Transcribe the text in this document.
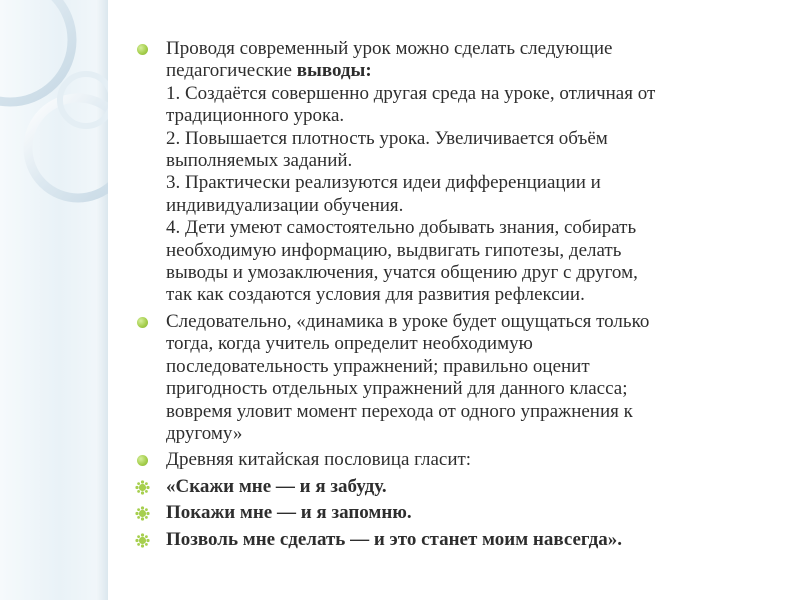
Проводя современный урок можно сделать следующие
педагогические выводы:
1. Создаётся совершенно другая среда на уроке, отличная от
традиционного урока.
2. Повышается плотность урока. Увеличивается объём
выполняемых заданий.
3. Практически реализуются идеи дифференциации и
индивидуализации обучения.
4. Дети умеют самостоятельно добывать знания, собирать
необходимую информацию, выдвигать гипотезы, делать
выводы и умозаключения, учатся общению друг с другом,
так как создаются условия для развития рефлексии.
Следовательно, «динамика в уроке будет ощущаться только
тогда, когда учитель определит необходимую
последовательность упражнений; правильно оценит
пригодность отдельных упражнений для данного класса;
вовремя уловит момент перехода от одного упражнения к
другому»
Древняя китайская пословица гласит:
«Скажи мне — и я забуду.
Покажи мне — и я запомню.
Позволь мне сделать — и это станет моим навсегда».
